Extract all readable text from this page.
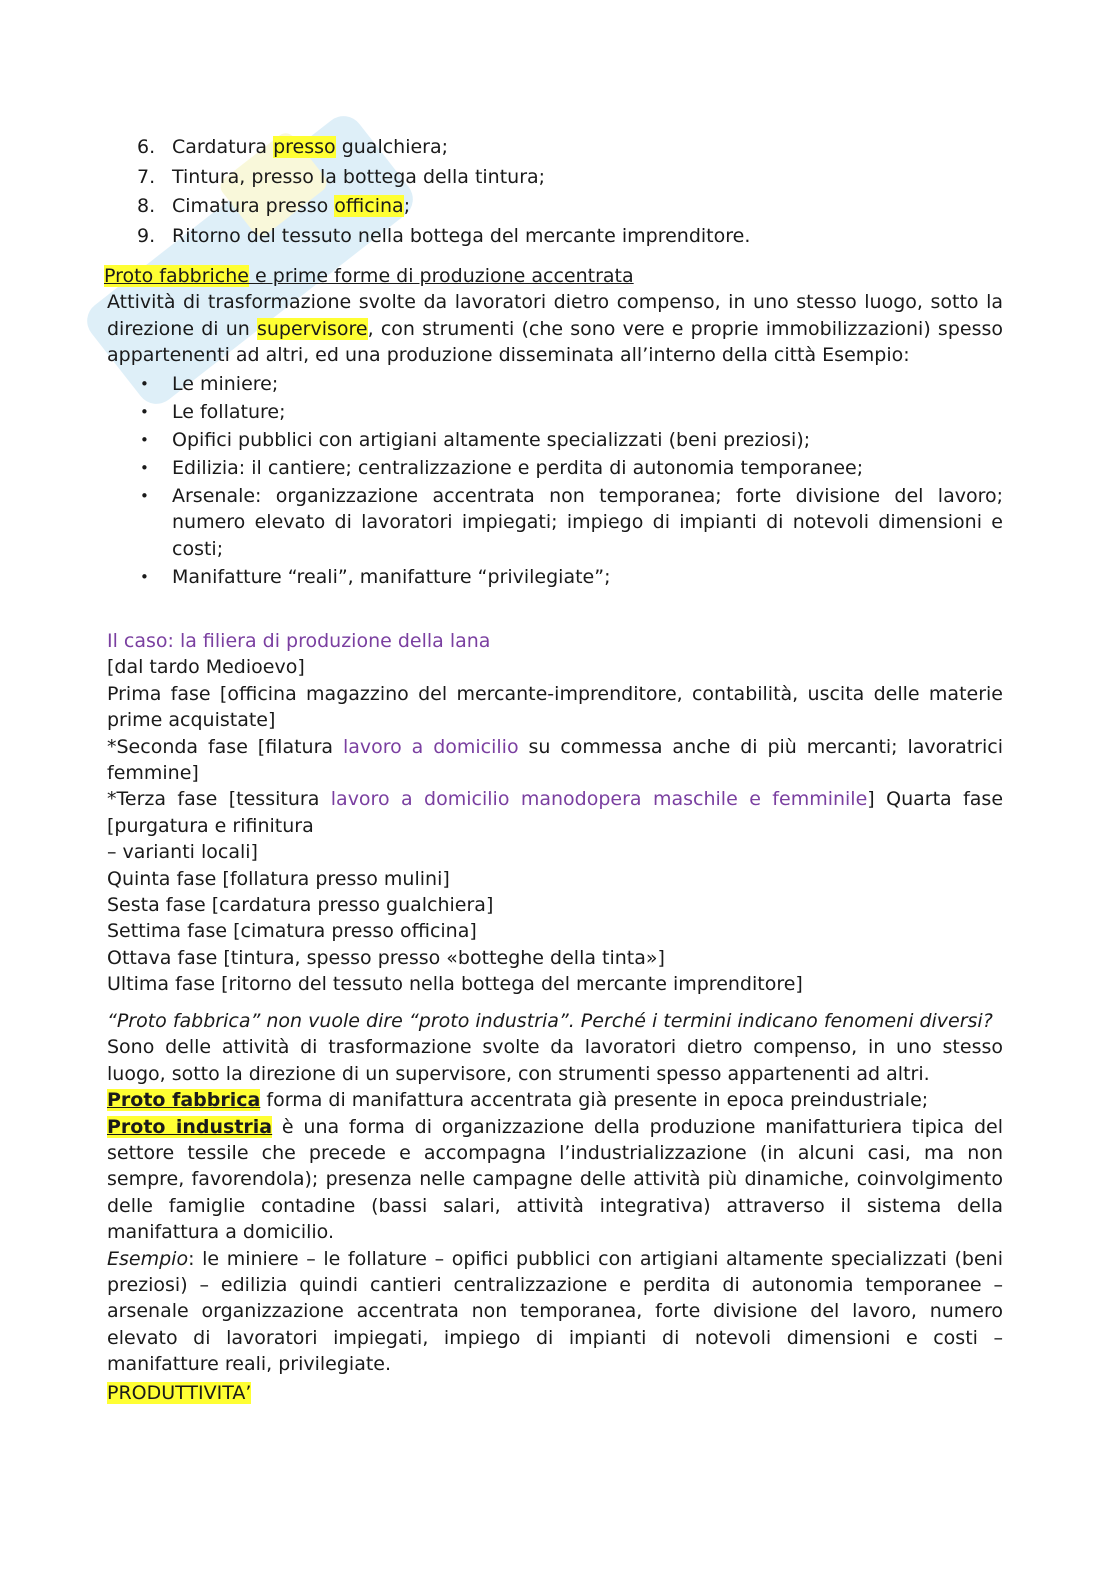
6. Cardatura presso gualchiera;
7. Tintura, presso la bottega della tintura;
8. Cimatura presso officina;
9. Ritorno del tessuto nella bottega del mercante imprenditore.

Proto fabbriche e prime forme di produzione accentrata

Attività di trasformazione svolte da lavoratori dietro compenso, in uno stesso luogo, sotto la direzione di un supervisore, con strumenti (che sono vere e proprie immobilizzazioni) spesso appartenenti ad altri, ed una produzione disseminata all’interno della città Esempio:

• Le miniere;
• Le follature;
• Opifici pubblici con artigiani altamente specializzati (beni preziosi);
• Edilizia: il cantiere; centralizzazione e perdita di autonomia temporanee;
• Arsenale: organizzazione accentrata non temporanea; forte divisione del lavoro; numero elevato di lavoratori impiegati; impiego di impianti di notevoli dimensioni e costi;
• Manifatture “reali”, manifatture “privilegiate”;

Il caso: la filiera di produzione della lana

[dal tardo Medioevo]

Prima fase [officina magazzino del mercante-imprenditore, contabilità, uscita delle materie prime acquistate]

*Seconda fase [filatura lavoro a domicilio su commessa anche di più mercanti; lavoratrici femmine]

*Terza fase [tessitura lavoro a domicilio manodopera maschile e femminile] Quarta fase [purgatura e rifinitura

– varianti locali]

Quinta fase [follatura presso mulini]

Sesta fase [cardatura presso gualchiera]

Settima fase [cimatura presso officina]

Ottava fase [tintura, spesso presso «botteghe della tinta»]

Ultima fase [ritorno del tessuto nella bottega del mercante imprenditore]

“Proto fabbrica” non vuole dire “proto industria”. Perché i termini indicano fenomeni diversi?

Sono delle attività di trasformazione svolte da lavoratori dietro compenso, in uno stesso luogo, sotto la direzione di un supervisore, con strumenti spesso appartenenti ad altri.

Proto fabbrica forma di manifattura accentrata già presente in epoca preindustriale;

Proto industria è una forma di organizzazione della produzione manifatturiera tipica del settore tessile che precede e accompagna l’industrializzazione (in alcuni casi, ma non sempre, favorendola); presenza nelle campagne delle attività più dinamiche, coinvolgimento delle famiglie contadine (bassi salari, attività integrativa) attraverso il sistema della manifattura a domicilio.

Esempio: le miniere – le follature – opifici pubblici con artigiani altamente specializzati (beni preziosi) – edilizia quindi cantieri centralizzazione e perdita di autonomia temporanee – arsenale organizzazione accentrata non temporanea, forte divisione del lavoro, numero elevato di lavoratori impiegati, impiego di impianti di notevoli dimensioni e costi – manifatture reali, privilegiate.

PRODUTTIVITA’
